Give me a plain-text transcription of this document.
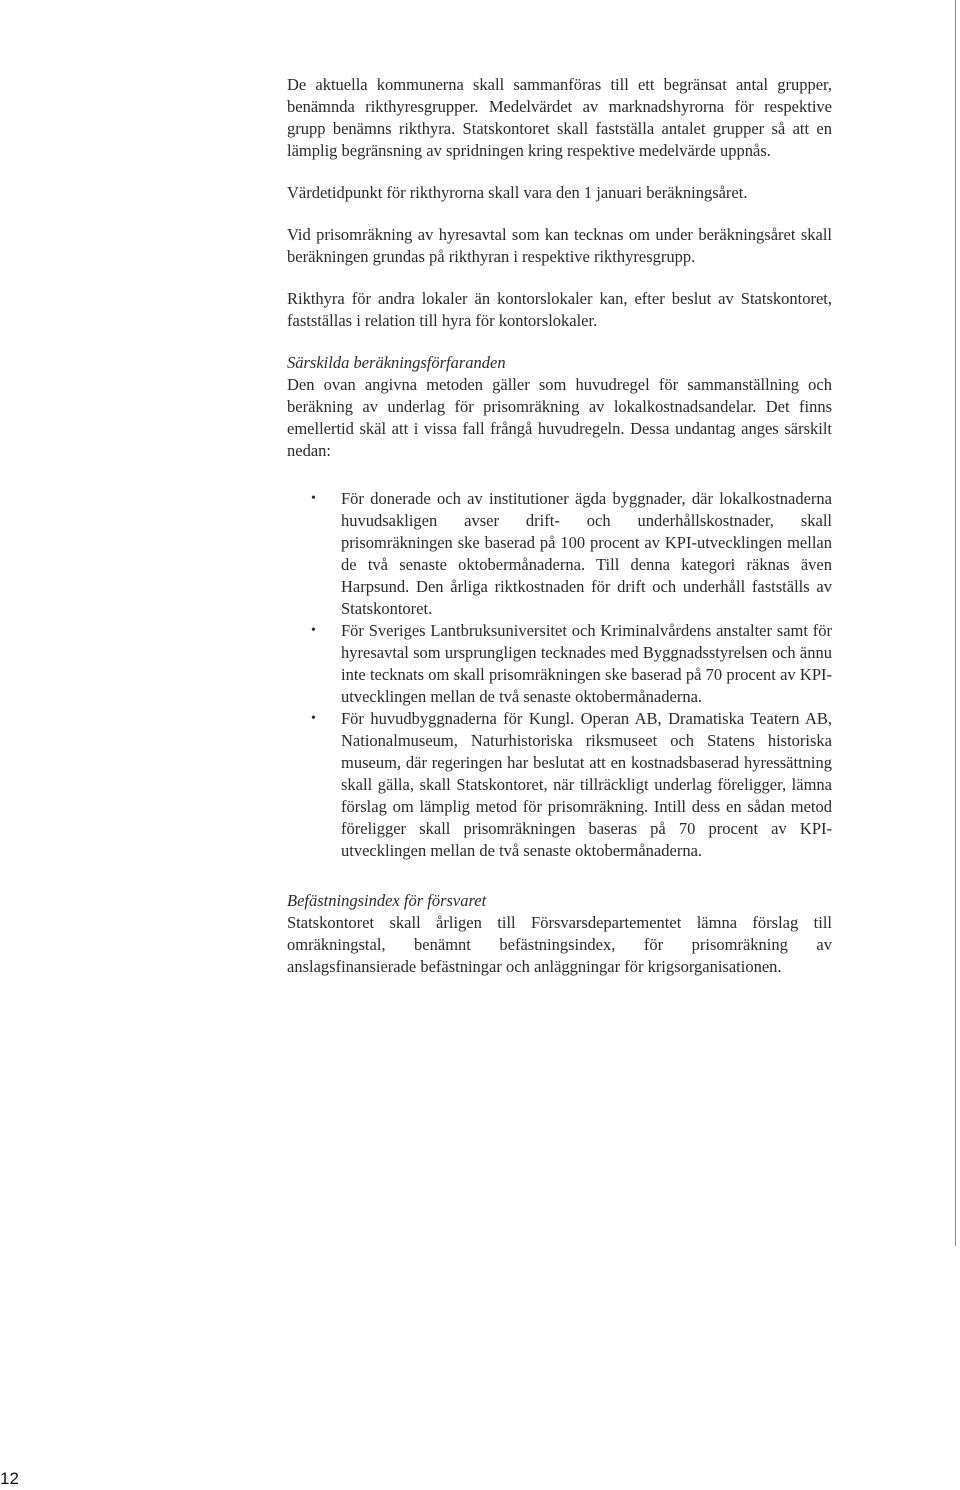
De aktuella kommunerna skall sammanföras till ett begränsat antal grupper, benämnda rikthyresgrupper. Medelvärdet av marknadshyrorna för respektive grupp benämns rikthyra. Statskontoret skall fastställa antalet grupper så att en lämplig begränsning av spridningen kring respektive medelvärde uppnås.

Värdetidpunkt för rikthyrorna skall vara den 1 januari beräkningsåret.

Vid prisomräkning av hyresavtal som kan tecknas om under beräkningsåret skall beräkningen grundas på rikthyran i respektive rikthyresgrupp.

Rikthyra för andra lokaler än kontorslokaler kan, efter beslut av Statskontoret, fastställas i relation till hyra för kontorslokaler.

Särskilda beräkningsförfaranden

Den ovan angivna metoden gäller som huvudregel för sammanställning och beräkning av underlag för prisomräkning av lokalkostnadsandelar. Det finns emellertid skäl att i vissa fall frångå huvudregeln. Dessa undantag anges särskilt nedan:

•	För donerade och av institutioner ägda byggnader, där lokalkostnaderna huvudsakligen avser drift- och underhållskostnader, skall prisomräkningen ske baserad på 100 procent av KPI-utvecklingen mellan de två senaste oktobermånaderna. Till denna kategori räknas även Harpsund. Den årliga riktkostnaden för drift och underhåll fastställs av Statskontoret.
•	För Sveriges Lantbruksuniversitet och Kriminalvårdens anstalter samt för hyresavtal som ursprungligen tecknades med Byggnadsstyrelsen och ännu inte tecknats om skall prisomräkningen ske baserad på 70 procent av KPI-utvecklingen mellan de två senaste oktobermånaderna.
•	För huvudbyggnaderna för Kungl. Operan AB, Dramatiska Teatern AB, Nationalmuseum, Naturhistoriska riksmuseet och Statens historiska museum, där regeringen har beslutat att en kostnadsbaserad hyressättning skall gälla, skall Statskontoret, när tillräckligt underlag föreligger, lämna förslag om lämplig metod för prisomräkning. Intill dess en sådan metod föreligger skall prisomräkningen baseras på 70 procent av KPI-utvecklingen mellan de två senaste oktobermånaderna.

Befästningsindex för försvaret

Statskontoret skall årligen till Försvarsdepartementet lämna förslag till omräkningstal, benämnt befästningsindex, för prisomräkning av anslagsfinansierade befästningar och anläggningar för krigsorganisationen.

12
